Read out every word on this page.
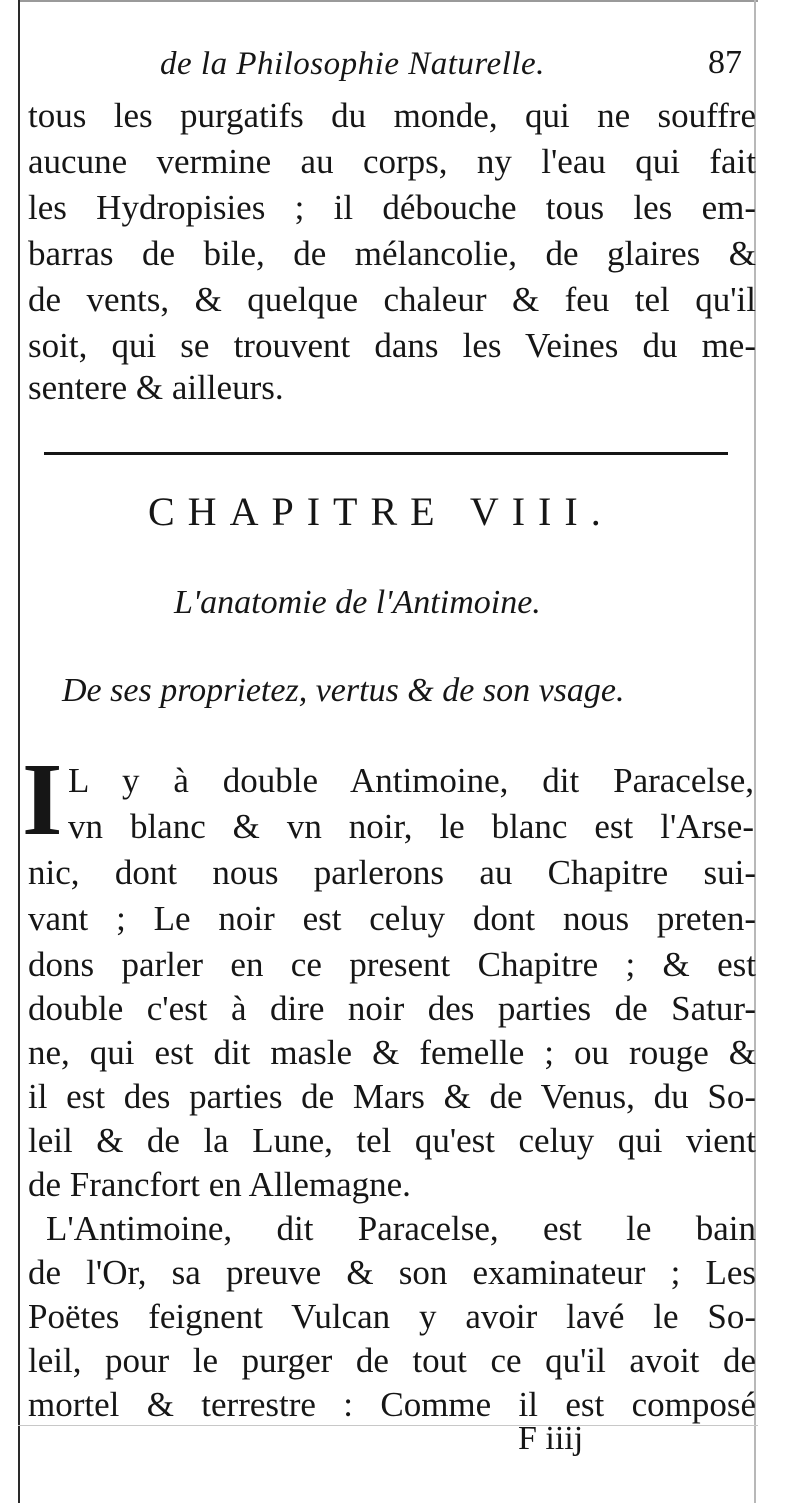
de la Philosophie Naturelle.	87
tous les purgatifs du monde, qui ne souffre
aucune vermine au corps, ny l'eau qui fait
les Hydropisies ; il débouche tous les em-
barras de bile, de mélancolie, de glaires &
de vents, & quelque chaleur & feu tel qu'il
soit, qui se trouvent dans les Veines du me-
sentere & ailleurs.
CHAPITRE VIII.
L'anatomie de l'Antimoine.
De ses proprietez, vertus & de son vsage.
I L y à double Antimoine, dit Paracelse,
vn blanc & vn noir, le blanc est l'Arse-
nic, dont nous parlerons au Chapitre sui-
vant ; Le noir est celuy dont nous preten-
dons parler en ce present Chapitre ; & est
double c'est à dire noir des parties de Satur-
ne, qui est dit masle & femelle ; ou rouge &
il est des parties de Mars & de Venus, du So-
leil & de la Lune, tel qu'est celuy qui vient
de Francfort en Allemagne.
L'Antimoine, dit Paracelse, est le bain
de l'Or, sa preuve & son examinateur ; Les
Poëtes feignent Vulcan y avoir lavé le So-
leil, pour le purger de tout ce qu'il avoit de
mortel & terrestre : Comme il est composé
F iiij
